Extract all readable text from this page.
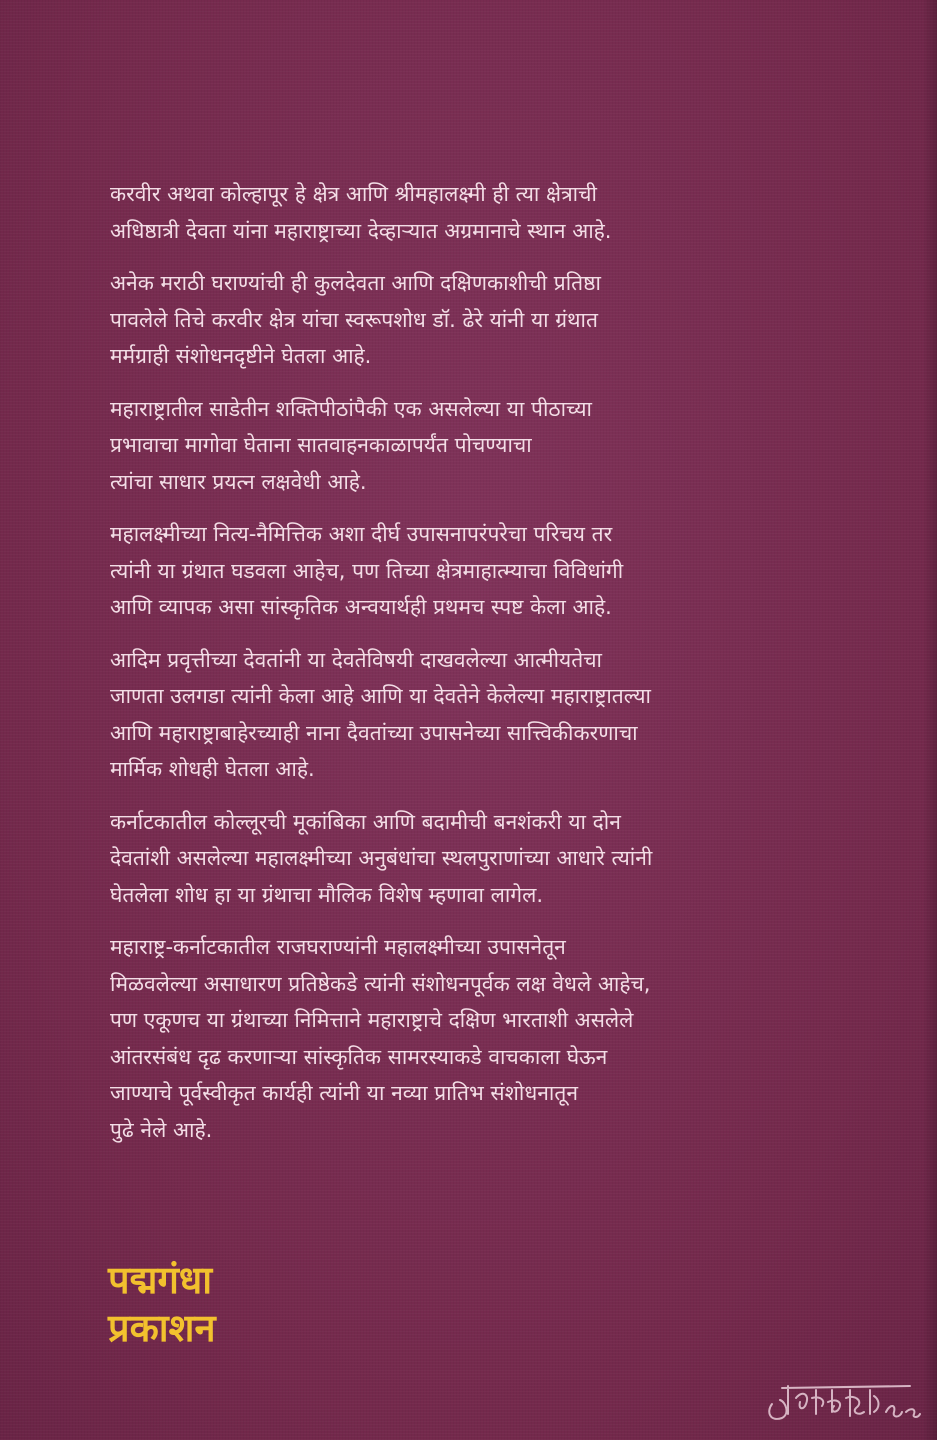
करवीर अथवा कोल्हापूर हे क्षेत्र आणि श्रीमहालक्ष्मी ही त्या क्षेत्राची
अधिष्ठात्री देवता यांना महाराष्ट्राच्या देव्हाऱ्यात अग्रमानाचे स्थान आहे.

अनेक मराठी घराण्यांची ही कुलदेवता आणि दक्षिणकाशीची प्रतिष्ठा
पावलेले तिचे करवीर क्षेत्र यांचा स्वरूपशोध डॉ. ढेरे यांनी या ग्रंथात
मर्मग्राही संशोधनदृष्टीने घेतला आहे.

महाराष्ट्रातील साडेतीन शक्तिपीठांपैकी एक असलेल्या या पीठाच्या
प्रभावाचा मागोवा घेताना सातवाहनकाळापर्यंत पोचण्याचा
त्यांचा साधार प्रयत्न लक्षवेधी आहे.

महालक्ष्मीच्या नित्य-नैमित्तिक अशा दीर्घ उपासनापरंपरेचा परिचय तर
त्यांनी या ग्रंथात घडवला आहेच, पण तिच्या क्षेत्रमाहात्म्याचा विविधांगी
आणि व्यापक असा सांस्कृतिक अन्वयार्थही प्रथमच स्पष्ट केला आहे.

आदिम प्रवृत्तीच्या देवतांनी या देवतेविषयी दाखवलेल्या आत्मीयतेचा
जाणता उलगडा त्यांनी केला आहे आणि या देवतेने केलेल्या महाराष्ट्रातल्या
आणि महाराष्ट्राबाहेरच्याही नाना दैवतांच्या उपासनेच्या सात्त्विकीकरणाचा
मार्मिक शोधही घेतला आहे.

कर्नाटकातील कोल्लूरची मूकांबिका आणि बदामीची बनशंकरी या दोन
देवतांशी असलेल्या महालक्ष्मीच्या अनुबंधांचा स्थलपुराणांच्या आधारे त्यांनी
घेतलेला शोध हा या ग्रंथाचा मौलिक विशेष म्हणावा लागेल.

महाराष्ट्र-कर्नाटकातील राजघराण्यांनी महालक्ष्मीच्या उपासनेतून
मिळवलेल्या असाधारण प्रतिष्ठेकडे त्यांनी संशोधनपूर्वक लक्ष वेधले आहेच,
पण एकूणच या ग्रंथाच्या निमित्ताने महाराष्ट्राचे दक्षिण भारताशी असलेले
आंतरसंबंध दृढ करणाऱ्या सांस्कृतिक सामरस्याकडे वाचकाला घेऊन
जाण्याचे पूर्वस्वीकृत कार्यही त्यांनी या नव्या प्रातिभ संशोधनातून
पुढे नेले आहे.

पद्मगंधा
प्रकाशन
